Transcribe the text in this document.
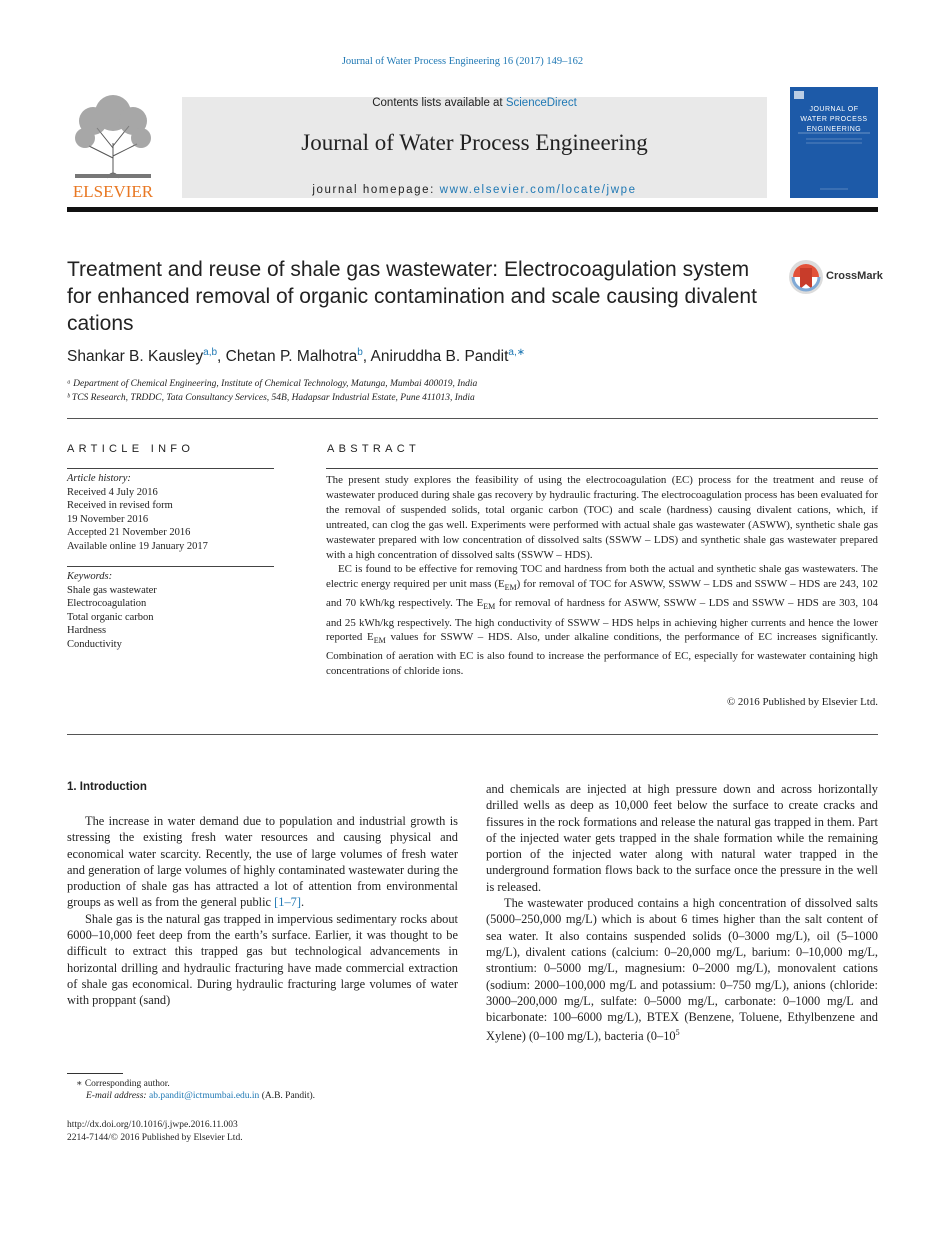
Journal of Water Process Engineering 16 (2017) 149–162
ELSEVIER
Contents lists available at ScienceDirect
Journal of Water Process Engineering
journal homepage: www.elsevier.com/locate/jwpe
JOURNAL OF
WATER PROCESS
ENGINEERING
Treatment and reuse of shale gas wastewater: Electrocoagulation system for enhanced removal of organic contamination and scale causing divalent cations
CrossMark
Shankar B. Kausley$^{a,b}$, Chetan P. Malhotra$^b$, Aniruddha B. Pandit$^{a,∗}$
ᵃ Department of Chemical Engineering, Institute of Chemical Technology, Matunga, Mumbai 400019, India
ᵇ TCS Research, TRDDC, Tata Consultancy Services, 54B, Hadapsar Industrial Estate, Pune 411013, India
ARTICLE INFO
Article history:
Received 4 July 2016
Received in revised form
19 November 2016
Accepted 21 November 2016
Available online 19 January 2017
Keywords:
Shale gas wastewater
Electrocoagulation
Total organic carbon
Hardness
Conductivity
ABSTRACT

The present study explores the feasibility of using the electrocoagulation (EC) process for the treatment and reuse of wastewater produced during shale gas recovery by hydraulic fracturing. The electrocoagulation process has been evaluated for the removal of suspended solids, total organic carbon (TOC) and scale (hardness) causing divalent cations, which, if untreated, can clog the gas well. Experiments were performed with actual shale gas wastewater (ASWW), synthetic shale gas wastewater prepared with low concentration of dissolved salts (SSWW – LDS) and synthetic shale gas wastewater prepared with a high concentration of dissolved salts (SSWW – HDS).

EC is found to be effective for removing TOC and hardness from both the actual and synthetic shale gas wastewaters. The electric energy required per unit mass $(E_{EM})$ for removal of TOC for ASWW, SSWW – LDS and SSWW – HDS are 243, 102 and 70 kWh/kg respectively. The $E_{EM}$ for removal of hardness for ASWW, SSWW – LDS and SSWW – HDS are 303, 104 and 25 kWh/kg respectively. The high conductivity of SSWW – HDS helps in achieving higher currents and hence the lower reported $E_{EM}$ values for SSWW – HDS. Also, under alkaline conditions, the performance of EC increases significantly. Combination of aeration with EC is also found to increase the performance of EC, especially for wastewater containing high concentrations of chloride ions.

© 2016 Published by Elsevier Ltd.
1. Introduction

The increase in water demand due to population and industrial growth is stressing the existing fresh water resources and causing physical and economical water scarcity. Recently, the use of large volumes of fresh water and generation of large volumes of highly contaminated wastewater during the production of shale gas has attracted a lot of attention from environmental groups as well as from the general public [1–7].

Shale gas is the natural gas trapped in impervious sedimentary rocks about 6000–10,000 feet deep from the earth’s surface. Earlier, it was thought to be difficult to extract this trapped gas but technological advancements in horizontal drilling and hydraulic fracturing have made commercial extraction of shale gas economical. During hydraulic fracturing large volumes of water with proppant (sand)

and chemicals are injected at high pressure down and across horizontally drilled wells as deep as 10,000 feet below the surface to create cracks and fissures in the rock formations and release the natural gas trapped in them. Part of the injected water gets trapped in the shale formation while the remaining portion of the injected water along with natural water trapped in the underground formation flows back to the surface once the pressure in the well is released.

The wastewater produced contains a high concentration of dissolved salts (5000–250,000 mg/L) which is about 6 times higher than the salt content of sea water. It also contains suspended solids (0–3000 mg/L), oil (5–1000 mg/L), divalent cations (calcium: 0–20,000 mg/L, barium: 0–10,000 mg/L, strontium: 0–5000 mg/L, magnesium: 0–2000 mg/L), monovalent cations (sodium: 2000–100,000 mg/L and potassium: 0–750 mg/L), anions (chloride: 3000–200,000 mg/L, sulfate: 0–5000 mg/L, carbonate: 0–1000 mg/L and bicarbonate: 100–6000 mg/L), BTEX (Benzene, Toluene, Ethylbenzene and Xylene) (0–100 mg/L), bacteria ($0-10^5$

∗ Corresponding author.
E-mail address: ab.pandit@ictmumbai.edu.in (A.B. Pandit).
http://dx.doi.org/10.1016/j.jwpe.2016.11.003
2214-7144/© 2016 Published by Elsevier Ltd.
